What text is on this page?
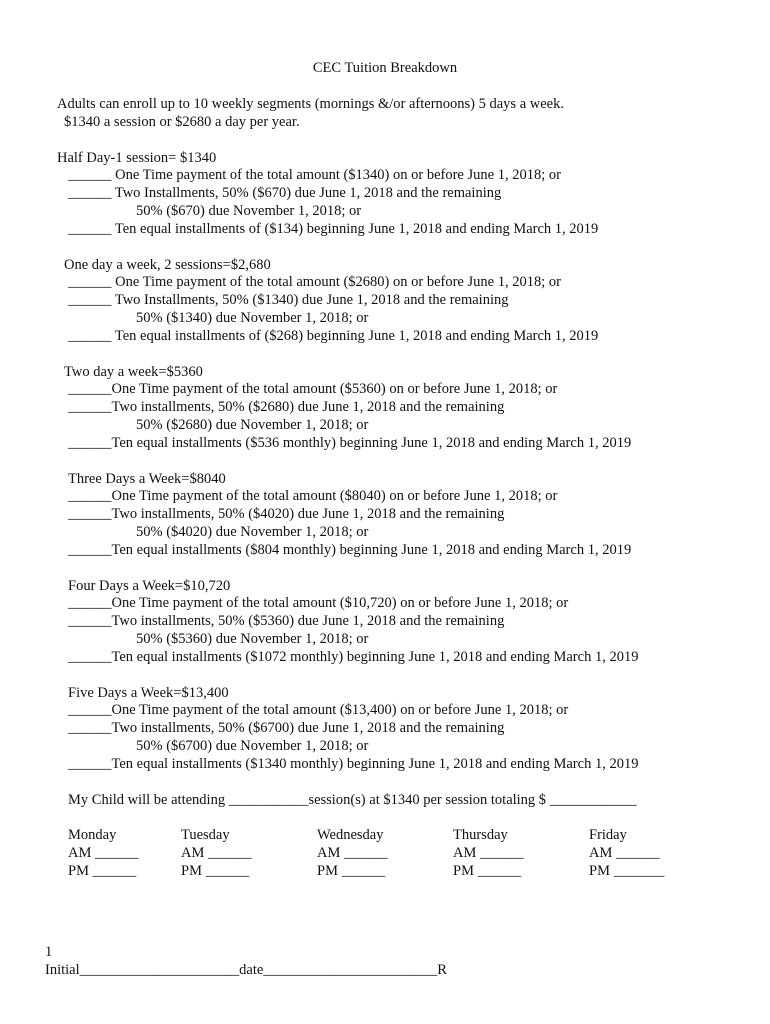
CEC Tuition Breakdown
Adults can enroll up to 10 weekly segments (mornings &/or afternoons) 5 days a week.
$1340 a session or $2680 a day per year.
Half Day-1 session= $1340
______ One Time payment of the total amount ($1340) on or before June 1, 2018; or
______ Two Installments, 50% ($670) due June 1, 2018 and the remaining
50% ($670) due November 1, 2018; or
______ Ten equal installments of ($134) beginning June 1, 2018 and ending March 1, 2019
One day a week, 2 sessions=$2,680
______ One Time payment of the total amount ($2680) on or before June 1, 2018; or
______ Two Installments, 50% ($1340) due June 1, 2018 and the remaining
50% ($1340) due November 1, 2018; or
______ Ten equal installments of ($268) beginning June 1, 2018 and ending March 1, 2019
Two day a week=$5360
______One Time payment of the total amount ($5360) on or before June 1, 2018; or
______Two installments, 50% ($2680) due June 1, 2018 and the remaining
50% ($2680) due November 1, 2018; or
______Ten equal installments ($536 monthly) beginning June 1, 2018 and ending March 1, 2019
Three Days a Week=$8040
______One Time payment of the total amount ($8040) on or before June 1, 2018; or
______Two installments, 50% ($4020) due June 1, 2018 and the remaining
50% ($4020) due November 1, 2018; or
______Ten equal installments ($804 monthly) beginning June 1, 2018 and ending March 1, 2019
Four Days a Week=$10,720
______One Time payment of the total amount ($10,720) on or before June 1, 2018; or
______Two installments, 50% ($5360) due June 1, 2018 and the remaining
50% ($5360) due November 1, 2018; or
______Ten equal installments ($1072 monthly) beginning June 1, 2018 and ending March 1, 2019
Five Days a Week=$13,400
______One Time payment of the total amount ($13,400) on or before June 1, 2018; or
______Two installments, 50% ($6700) due June 1, 2018 and the remaining
50% ($6700) due November 1, 2018; or
______Ten equal installments ($1340 monthly) beginning June 1, 2018 and ending March 1, 2019
My Child will be attending ___________session(s) at $1340 per session totaling $ ____________
Monday
AM ______
PM ______
Tuesday
AM ______
PM ______
Wednesday
AM ______
PM ______
Thursday
AM ______
PM ______
Friday
AM ______
PM _______
1
Initial______________________date________________________R
